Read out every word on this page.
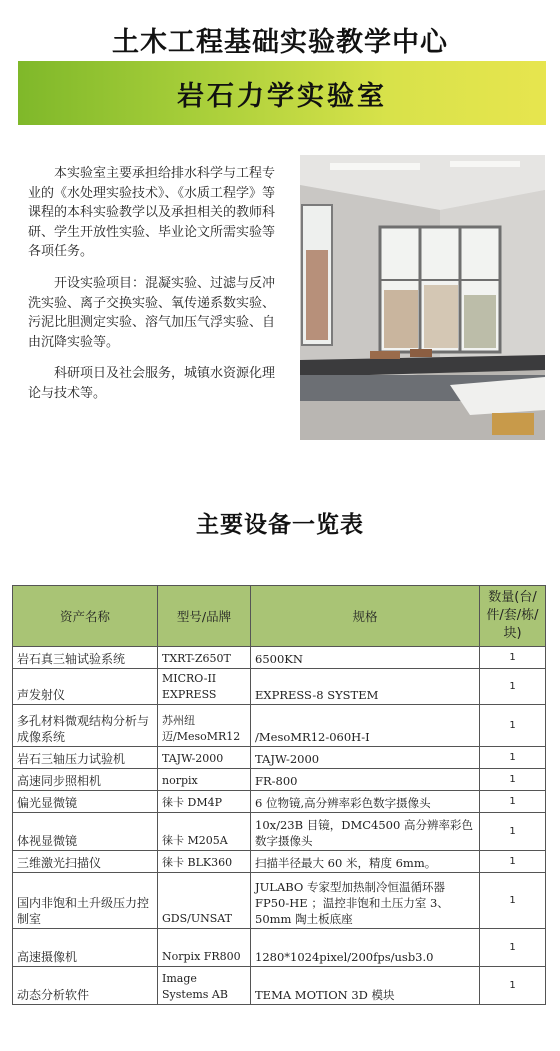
土木工程基础实验教学中心
岩石力学实验室

本实验室主要承担给排水科学与工程专业的《水处理实验技术》、《水质工程学》等课程的本科实验教学以及承担相关的教师科研、学生开放性实验、毕业论文所需实验等各项任务。

开设实验项目：混凝实验、过滤与反冲洗实验、离子交换实验、氧传递系数实验、污泥比胆测定实验、溶气加压气浮实验、自由沉降实验等。

科研项日及社会服务，城镇水资源化理论与技术等。

主要设备一览表
资产名称	型号/品牌	规格	数量(台/件/套/栋/块)
岩石真三轴试验系统	TXRT-Z650T	6500KN	1
声发射仪	MICRO-II EXPRESS	EXPRESS-8 SYSTEM	1
多孔材料微观结构分析与成像系统	苏州纽迈/MesoMR12	/MesoMR12-060H-I	1
岩石三轴压力试验机	TAJW-2000	TAJW-2000	1
高速同步照相机	norpix	FR-800	1
偏光显微镜	徕卡 DM4P	6 位物镜,高分辨率彩色数字摄像头	1
体视显微镜	徕卡 M205A	10x/23B 目镜，DMC4500 高分辨率彩色数字摄像头	1
三维激光扫描仪	徕卡 BLK360	扫描半径最大 60 米，精度 6mm。	1
国内非饱和土升级压力控制室	GDS/UNSAT	JULABO 专家型加热制冷恒温循环器 FP50-HE ；温控非饱和土压力室 3、50mm 陶土板底座	1
高速摄像机	Norpix FR800	1280*1024pixel/200fps/usb3.0	1
动态分析软件	Image Systems AB	TEMA MOTION 3D 模块	1
